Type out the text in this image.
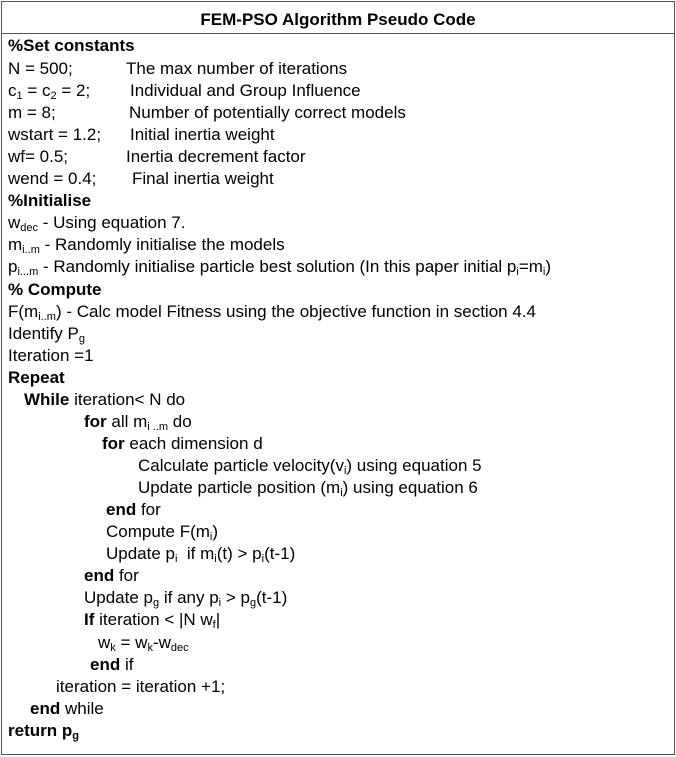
FEM-PSO Algorithm Pseudo Code
%Set constants
N = 500;	The max number of iterations
$c_1 = c_2 = 2$; Individual and Group Influence
m = 8;	Number of potentially correct models
wstart = 1.2; Initial inertia weight
wf= 0.5;	Inertia decrement factor
wend = 0.4; Final inertia weight
%Initialise
$w_{dec}$ - Using equation 7.
$m_{i..m}$ - Randomly initialise the models
$p_{i...m}$ - Randomly initialise particle best solution (In this paper initial $p_i=m_i$)
% Compute
$F(m_{i..m})$ - Calc model Fitness using the objective function in section 4.4
Identify $P_g$
Iteration =1
Repeat
While iteration< N do
for all $m_{i ..m}$ do
for each dimension d
Calculate particle $velocity(v_i)$ using equation 5
Update particle position $(m_i)$ using equation 6
end for
Compute $F(m_i)$
Update $p_i$  if $m_i(t) > p_i(t-1)$
end for
Update $p_g$ if any $p_i > p_g(t-1)$
If iteration < |N $w_f|$
$w_k = w_k-w_{dec}$
end if
iteration = iteration +1;
end while
return $p_g$
